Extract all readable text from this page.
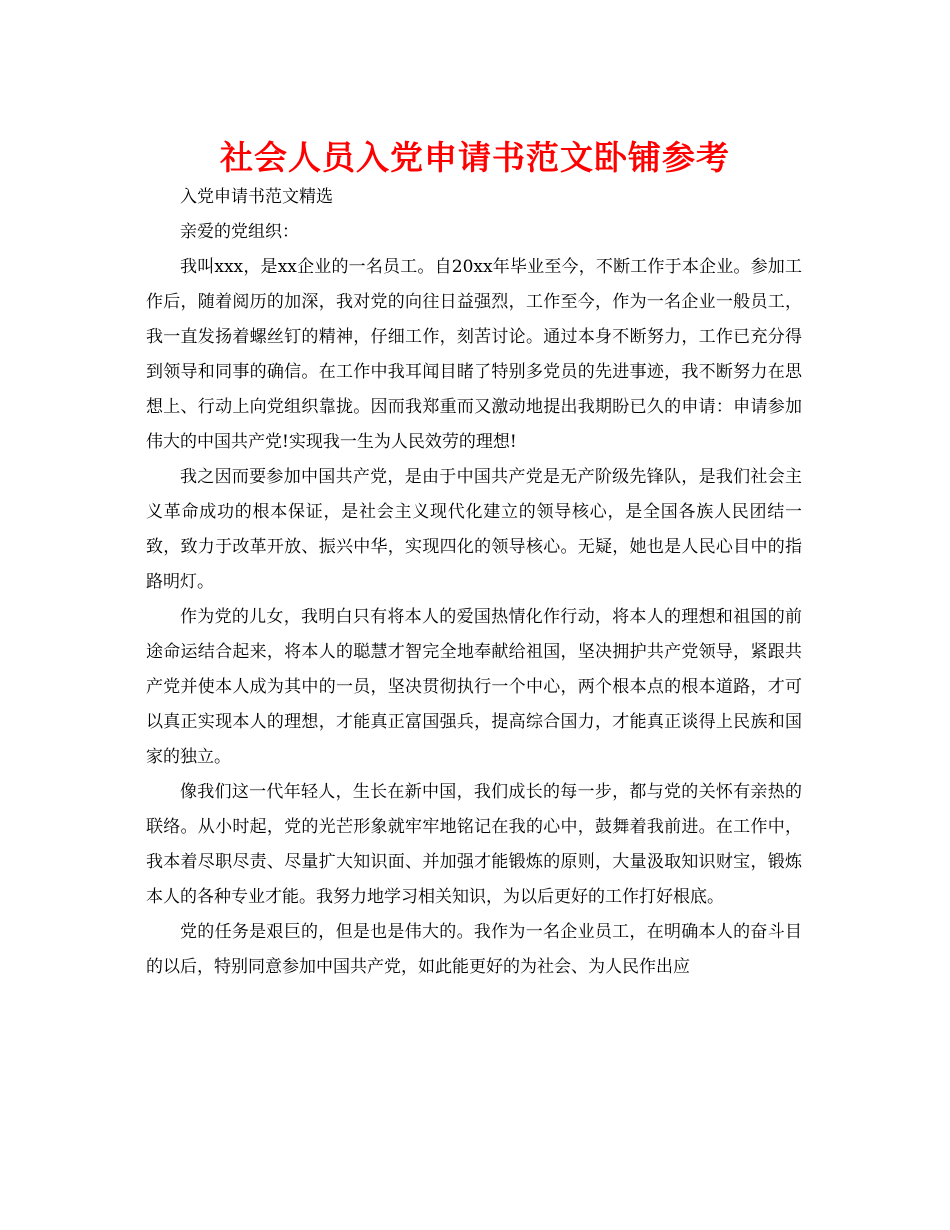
社会人员入党申请书范文卧铺参考

入党申请书范文精选

亲爱的党组织：

我叫xxx，是xx企业的一名员工。自20xx年毕业至今，不断工作于本企业。参加工作后，随着阅历的加深，我对党的向往日益强烈，工作至今，作为一名企业一般员工，我一直发扬着螺丝钉的精神，仔细工作，刻苦讨论。通过本身不断努力，工作已充分得到领导和同事的确信。在工作中我耳闻目睹了特别多党员的先进事迹，我不断努力在思想上、行动上向党组织靠拢。因而我郑重而又激动地提出我期盼已久的申请：申请参加伟大的中国共产党!实现我一生为人民效劳的理想!

我之因而要参加中国共产党，是由于中国共产党是无产阶级先锋队，是我们社会主义革命成功的根本保证，是社会主义现代化建立的领导核心，是全国各族人民团结一致，致力于改革开放、振兴中华，实现四化的领导核心。无疑，她也是人民心目中的指路明灯。

作为党的儿女，我明白只有将本人的爱国热情化作行动，将本人的理想和祖国的前途命运结合起来，将本人的聪慧才智完全地奉献给祖国，坚决拥护共产党领导，紧跟共产党并使本人成为其中的一员，坚决贯彻执行一个中心，两个根本点的根本道路，才可以真正实现本人的理想，才能真正富国强兵，提高综合国力，才能真正谈得上民族和国家的独立。

像我们这一代年轻人，生长在新中国，我们成长的每一步，都与党的关怀有亲热的联络。从小时起，党的光芒形象就牢牢地铭记在我的心中，鼓舞着我前进。在工作中，我本着尽职尽责、尽量扩大知识面、并加强才能锻炼的原则，大量汲取知识财宝，锻炼本人的各种专业才能。我努力地学习相关知识，为以后更好的工作打好根底。

党的任务是艰巨的，但是也是伟大的。我作为一名企业员工，在明确本人的奋斗目的以后，特别同意参加中国共产党，如此能更好的为社会、为人民作出应
